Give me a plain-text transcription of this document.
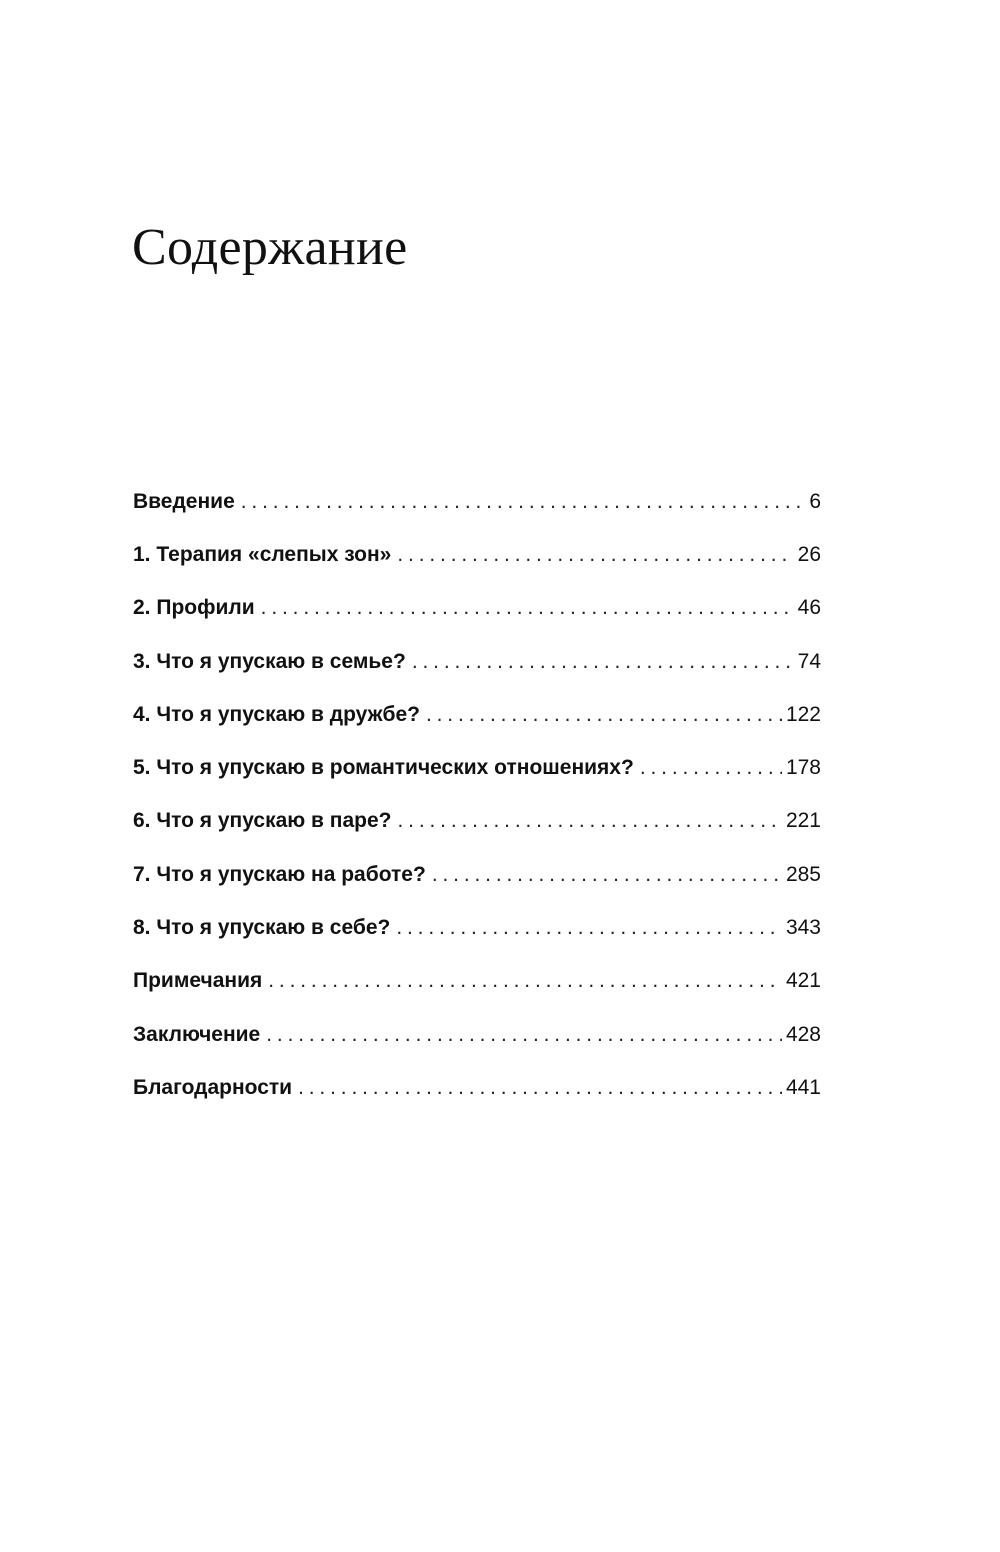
Содержание
Введение . . .	6
1. Терапия «слепых зон» . . .	26
2. Профили . . .	46
3. Что я упускаю в семье? . . .	74
4. Что я упускаю в дружбе? . . .	122
5. Что я упускаю в романтических отношениях? . . .	178
6. Что я упускаю в паре? . . .	221
7. Что я упускаю на работе? . . .	285
8. Что я упускаю в себе? . . .	343
Примечания . . .	421
Заключение . . .	428
Благодарности . . .	441
